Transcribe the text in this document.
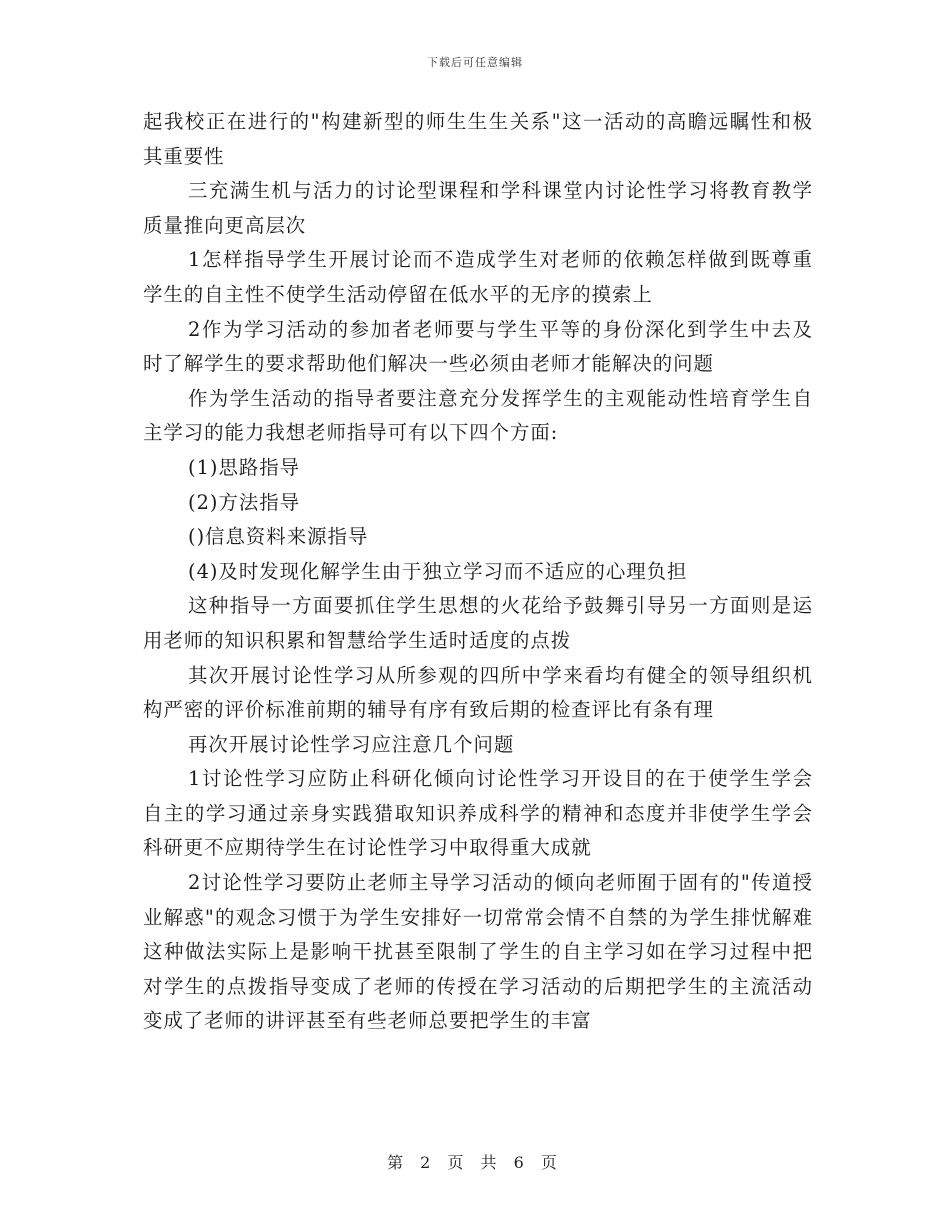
下载后可任意编辑

起我校正在进行的"构建新型的师生生生关系"这一活动的高瞻远瞩性和极其重要性

三充满生机与活力的讨论型课程和学科课堂内讨论性学习将教育教学质量推向更高层次

1怎样指导学生开展讨论而不造成学生对老师的依赖怎样做到既尊重学生的自主性不使学生活动停留在低水平的无序的摸索上

2作为学习活动的参加者老师要与学生平等的身份深化到学生中去及时了解学生的要求帮助他们解决一些必须由老师才能解决的问题

作为学生活动的指导者要注意充分发挥学生的主观能动性培育学生自主学习的能力我想老师指导可有以下四个方面:

(1)思路指导

(2)方法指导

()信息资料来源指导

(4)及时发现化解学生由于独立学习而不适应的心理负担

这种指导一方面要抓住学生思想的火花给予鼓舞引导另一方面则是运用老师的知识积累和智慧给学生适时适度的点拨

其次开展讨论性学习从所参观的四所中学来看均有健全的领导组织机构严密的评价标准前期的辅导有序有致后期的检查评比有条有理

再次开展讨论性学习应注意几个问题

1讨论性学习应防止科研化倾向讨论性学习开设目的在于使学生学会自主的学习通过亲身实践猎取知识养成科学的精神和态度并非使学生学会科研更不应期待学生在讨论性学习中取得重大成就

2讨论性学习要防止老师主导学习活动的倾向老师囿于固有的"传道授业解惑"的观念习惯于为学生安排好一切常常会情不自禁的为学生排忧解难这种做法实际上是影响干扰甚至限制了学生的自主学习如在学习过程中把对学生的点拨指导变成了老师的传授在学习活动的后期把学生的主流活动变成了老师的讲评甚至有些老师总要把学生的丰富

第 2 页 共 6 页
